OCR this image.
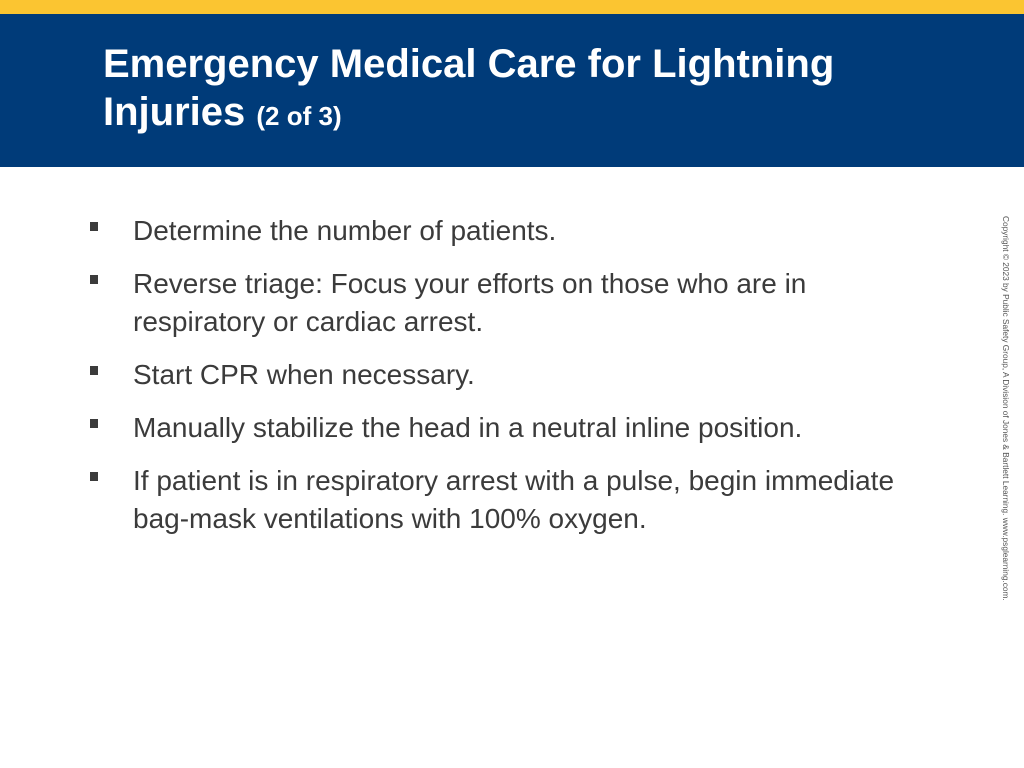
Emergency Medical Care for Lightning Injuries (2 of 3)
Determine the number of patients.
Reverse triage: Focus your efforts on those who are in respiratory or cardiac arrest.
Start CPR when necessary.
Manually stabilize the head in a neutral inline position.
If patient is in respiratory arrest with a pulse, begin immediate bag-mask ventilations with 100% oxygen.	Copyright © 2023 by Public Safety Group, A Division of Jones & Bartlett Learning. www.psglearning.com.
